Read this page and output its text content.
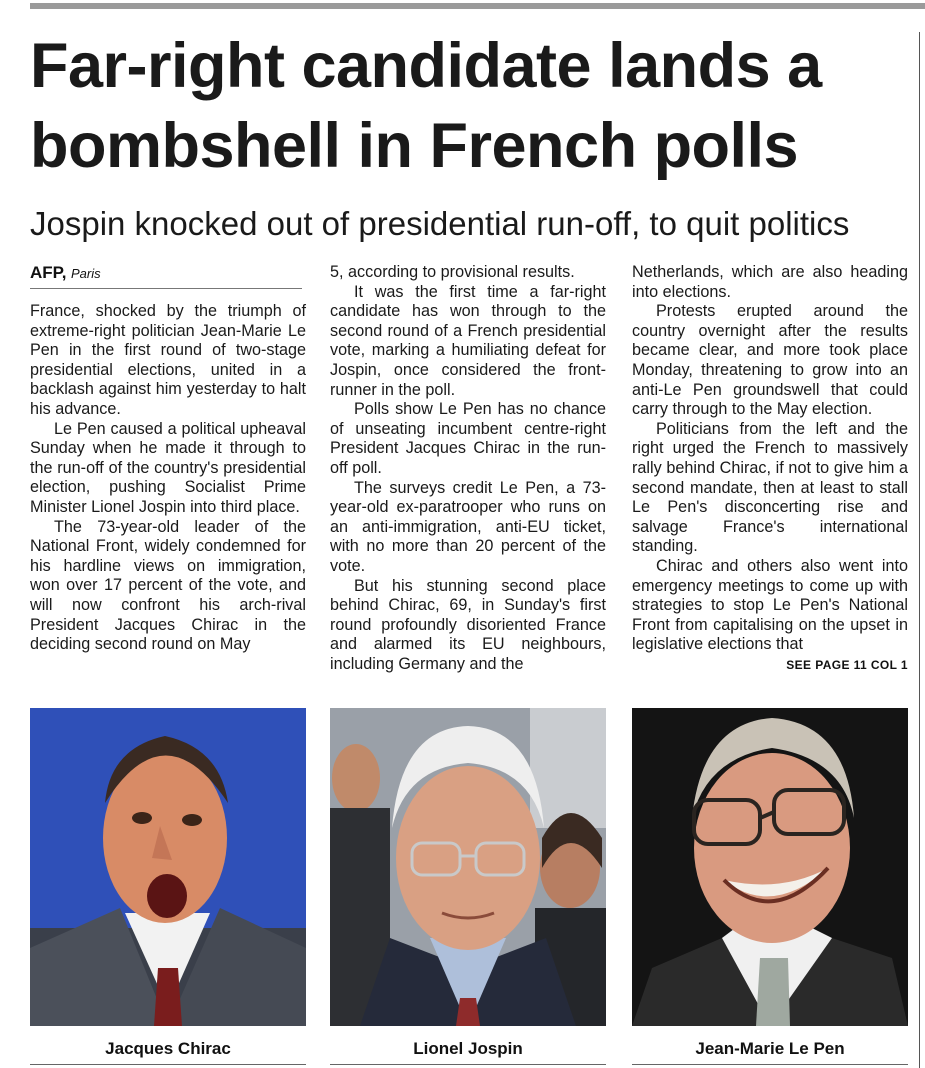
Far-right candidate lands a bombshell in French polls
Jospin knocked out of presidential run-off, to quit politics
AFP, Paris

France, shocked by the triumph of extreme-right politician Jean-Marie Le Pen in the first round of two-stage presidential elections, united in a backlash against him yesterday to halt his advance.

Le Pen caused a political upheaval Sunday when he made it through to the run-off of the country's presidential election, pushing Socialist Prime Minister Lionel Jospin into third place.

The 73-year-old leader of the National Front, widely condemned for his hardline views on immigration, won over 17 percent of the vote, and will now confront his arch-rival President Jacques Chirac in the deciding second round on May

5, according to provisional results.

It was the first time a far-right candidate has won through to the second round of a French presidential vote, marking a humiliating defeat for Jospin, once considered the front-runner in the poll.

Polls show Le Pen has no chance of unseating incumbent centre-right President Jacques Chirac in the run-off poll.

The surveys credit Le Pen, a 73-year-old ex-paratrooper who runs on an anti-immigration, anti-EU ticket, with no more than 20 percent of the vote.

But his stunning second place behind Chirac, 69, in Sunday's first round profoundly disoriented France and alarmed its EU neighbours, including Germany and the

Netherlands, which are also heading into elections.

Protests erupted around the country overnight after the results became clear, and more took place Monday, threatening to grow into an anti-Le Pen groundswell that could carry through to the May election.

Politicians from the left and the right urged the French to massively rally behind Chirac, if not to give him a second mandate, then at least to stall Le Pen's disconcerting rise and salvage France's international standing.

Chirac and others also went into emergency meetings to come up with strategies to stop Le Pen's National Front from capitalising on the upset in legislative elections that

SEE PAGE 11 COL 1
Jacques Chirac	Lionel Jospin	Jean-Marie Le Pen
